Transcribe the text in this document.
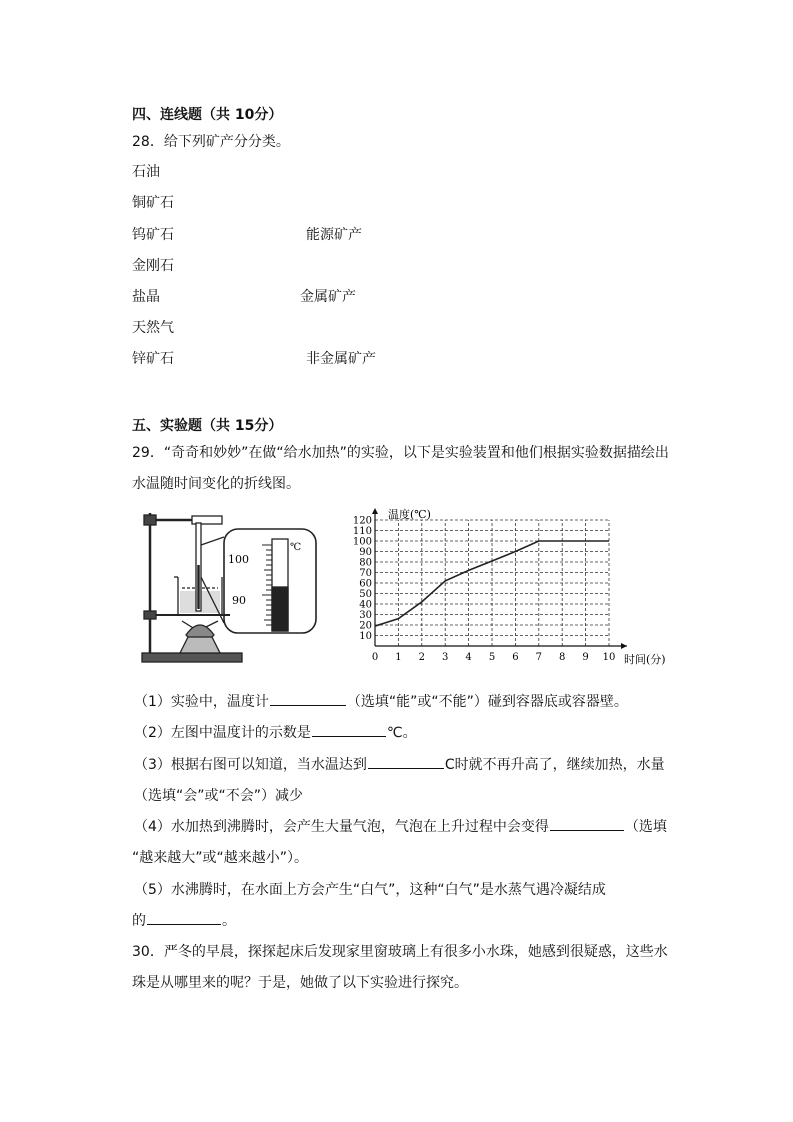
四、连线题（共 10分）
28．给下列矿产分分类。
石油
铜矿石
钨矿石
金刚石
盐晶
天然气
锌矿石
能源矿产
金属矿产
非金属矿产
五、实验题（共 15分）
29．“奇奇和妙妙”在做“给水加热”的实验，以下是实验装置和他们根据实验数据描绘出
水温随时间变化的折线图。
100
90
℃
0 1 2 3 4 5 6 7 8 9 10
10
20
30
40
50
60
70
80
90
100
110
120 温度(℃)
时间(分)
（1）实验中，温度计	（选填“能”或“不能”）碰到容器底或容器壁。
（2）左图中温度计的示数是	℃。
（3）根据右图可以知道，当水温达到	C时就不再升高了，继续加热，水量
（选填“会”或“不会”）减少
（4）水加热到沸腾时，会产生大量气泡，气泡在上升过程中会变得	（选填
“越来越大”或“越来越小”）。
（5）水沸腾时，在水面上方会产生“白气”，这种“白气”是水蒸气遇冷凝结成
的	。
30．严冬的早晨，探探起床后发现家里窗玻璃上有很多小水珠，她感到很疑惑，这些水
珠是从哪里来的呢？于是，她做了以下实验进行探究。
